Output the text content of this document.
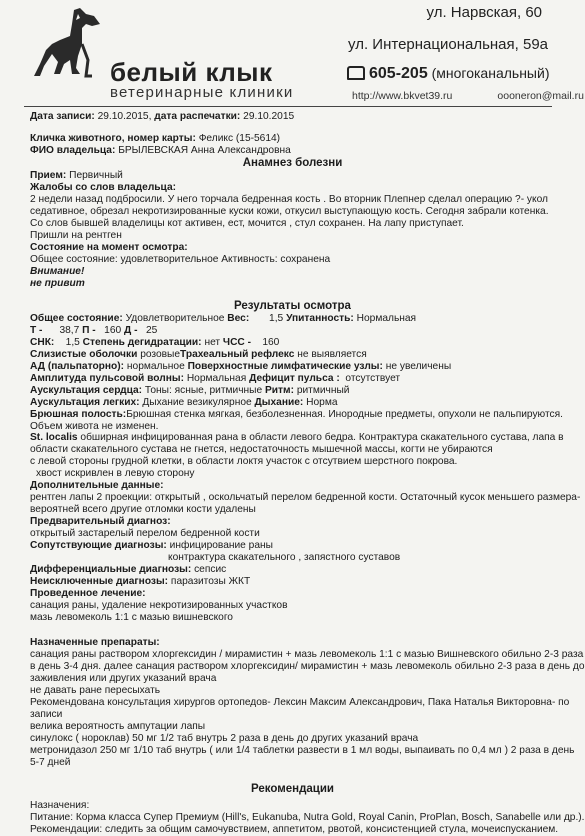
белый клык
ветеринарные клиники
ул. Нарвская, 60
ул. Интернациональная, 59а
605-205 (многоканальный)
http://www.bkvet39.ru	oooneron@mail.ru

Дата записи: 29.10.2015, дата распечатки: 29.10.2015

Кличка животного, номер карты: Феликс (15-5614)

ФИО владельца: БРЫЛЕВСКАЯ Анна Александровна

Анамнез болезни

Прием: Первичный

Жалобы со слов владельца:

2 недели назад подбросили. У него торчала бедренная кость . Во вторник Плепнер сделал операцию ?- укол

седативное, обрезал некротизированные куски кожи, откусил выступающую кость. Сегодня забрали котенка.

Со слов бывшей владелицы кот активен, ест, мочится , стул сохранен. На лапу приступает.

Пришли на рентген

Состояние на момент осмотра:

Общее состояние: удовлетворительное Активность: сохранена

Внимание!

не привит

Результаты осмотра

Общее состояние: Удовлетворительное Вес: 1,5 Упитанность: Нормальная

Т - 38,7 П - 160 Д - 25

СНК: 1,5 Степень дегидратации: нет ЧСС - 160

Слизистые оболочки розовыеТрахеальный рефлекс не выявляется

АД (пальпаторно): нормальное Поверхностные лимфатические узлы: не увеличены

Амплитуда пульсовой волны: Нормальная Дефицит пульса : отсутствует

Аускультация сердца: Тоны: ясные, ритмичные Ритм: ритмичный

Аускультация легких: Дыхание везикулярное Дыхание: Норма

Брюшная полость:Брюшная стенка мягкая, безболезненная. Инородные предметы, опухоли не пальпируются.

Объем живота не изменен.

St. localis обширная инфицированная рана в области левого бедра. Контрактура скакательного сустава, лапа в

области скакательного сустава не гнется, недостаточность мышечной массы, когти не убираются

с левой стороны грудной клетки, в области локтя участок с отсутвием шерстного покрова.

хвост искривлен в левую сторону

Дополнительные данные:

рентген лапы 2 проекции: открытый , оскольчатый перелом бедренной кости. Остаточный кусок меньшего размера-

вероятней всего другие отломки кости удалены

Предварительный диагноз:

открытый застарелый перелом бедренной кости

Сопутствующие диагнозы: инфицирование раны

контрактура скакательного , запястного суставов

Дифференциальные диагнозы: сепсис

Неисключенные диагнозы: паразитозы ЖКТ

Проведенное лечение:

санация раны, удаление некротизированных участков

мазь левомеколь 1:1 с мазью вишневского

Назначенные препараты:

санация раны раствором хлоргексидин / мирамистин + мазь левомеколь 1:1 с мазью Вишневского обильно 2-3 раза

в день 3-4 дня. далее санация раствором хлоргексидин/ мирамистин + мазь левомеколь обильно 2-3 раза в день до

заживления или других указаний врача

не давать ране пересыхать

Рекомендована консультация хирургов ортопедов- Лексин Максим Александрович, Пака Наталья Викторовна- по

записи

велика вероятность ампутации лапы

синулокс ( нороклав) 50 мг 1/2 таб внутрь 2 раза в день до других указаний врача

метронидазол 250 мг 1/10 таб внутрь ( или 1/4 таблетки развести в 1 мл воды, выпаивать по 0,4 мл ) 2 раза в день

5-7 дней

Рекомендации

Назначения:

Питание: Корма класса Супер Премиум (Hill's, Eukanuba, Nutra Gold, Royal Canin, ProPlan, Bosch, Sanabelle или др.).

Рекомендации: следить за общим самочувствием, аппетитом, рвотой, консистенцией стула, мочеиспусканием.
